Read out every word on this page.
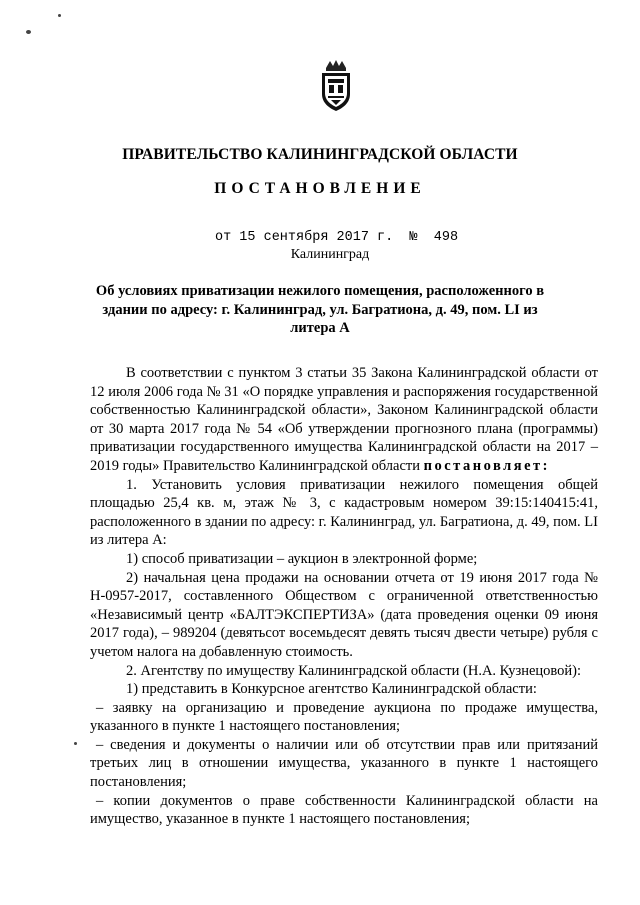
ПРАВИТЕЛЬСТВО КАЛИНИНГРАДСКОЙ ОБЛАСТИ
ПОСТАНОВЛЕНИЕ
от 15 сентября 2017 г.  №  498
Калининград
Об условиях приватизации нежилого помещения, расположенного в здании по адресу: г. Калининград, ул. Багратиона, д. 49, пом. LI из литера А

В соответствии с пунктом 3 статьи 35 Закона Калининградской области от 12 июля 2006 года № 31 «О порядке управления и распоряжения государственной собственностью Калининградской области», Законом Калининградской области от 30 марта 2017 года № 54 «Об утверждении прогнозного плана (программы) приватизации государственного имущества Калининградской области на 2017 – 2019 годы» Правительство Калининградской области постановляет:

1. Установить условия приватизации нежилого помещения общей площадью 25,4 кв. м, этаж № 3, с кадастровым номером 39:15:140415:41, расположенного в здании по адресу: г. Калининград, ул. Багратиона, д. 49, пом. LI из литера А:

1) способ приватизации – аукцион в электронной форме;

2) начальная цена продажи на основании отчета от 19 июня 2017 года № Н-0957-2017, составленного Обществом с ограниченной ответственностью «Независимый центр «БАЛТЭКСПЕРТИЗА» (дата проведения оценки 09 июня 2017 года), – 989204 (девятьсот восемьдесят девять тысяч двести четыре) рубля с учетом налога на добавленную стоимость.

2. Агентству по имуществу Калининградской области (Н.А. Кузнецовой):

1) представить в Конкурсное агентство Калининградской области:

– заявку на организацию и проведение аукциона по продаже имущества, указанного в пункте 1 настоящего постановления;

– сведения и документы о наличии или об отсутствии прав или притязаний третьих лиц в отношении имущества, указанного в пункте 1 настоящего постановления;

– копии документов о праве собственности Калининградской области на имущество, указанное в пункте 1 настоящего постановления;
